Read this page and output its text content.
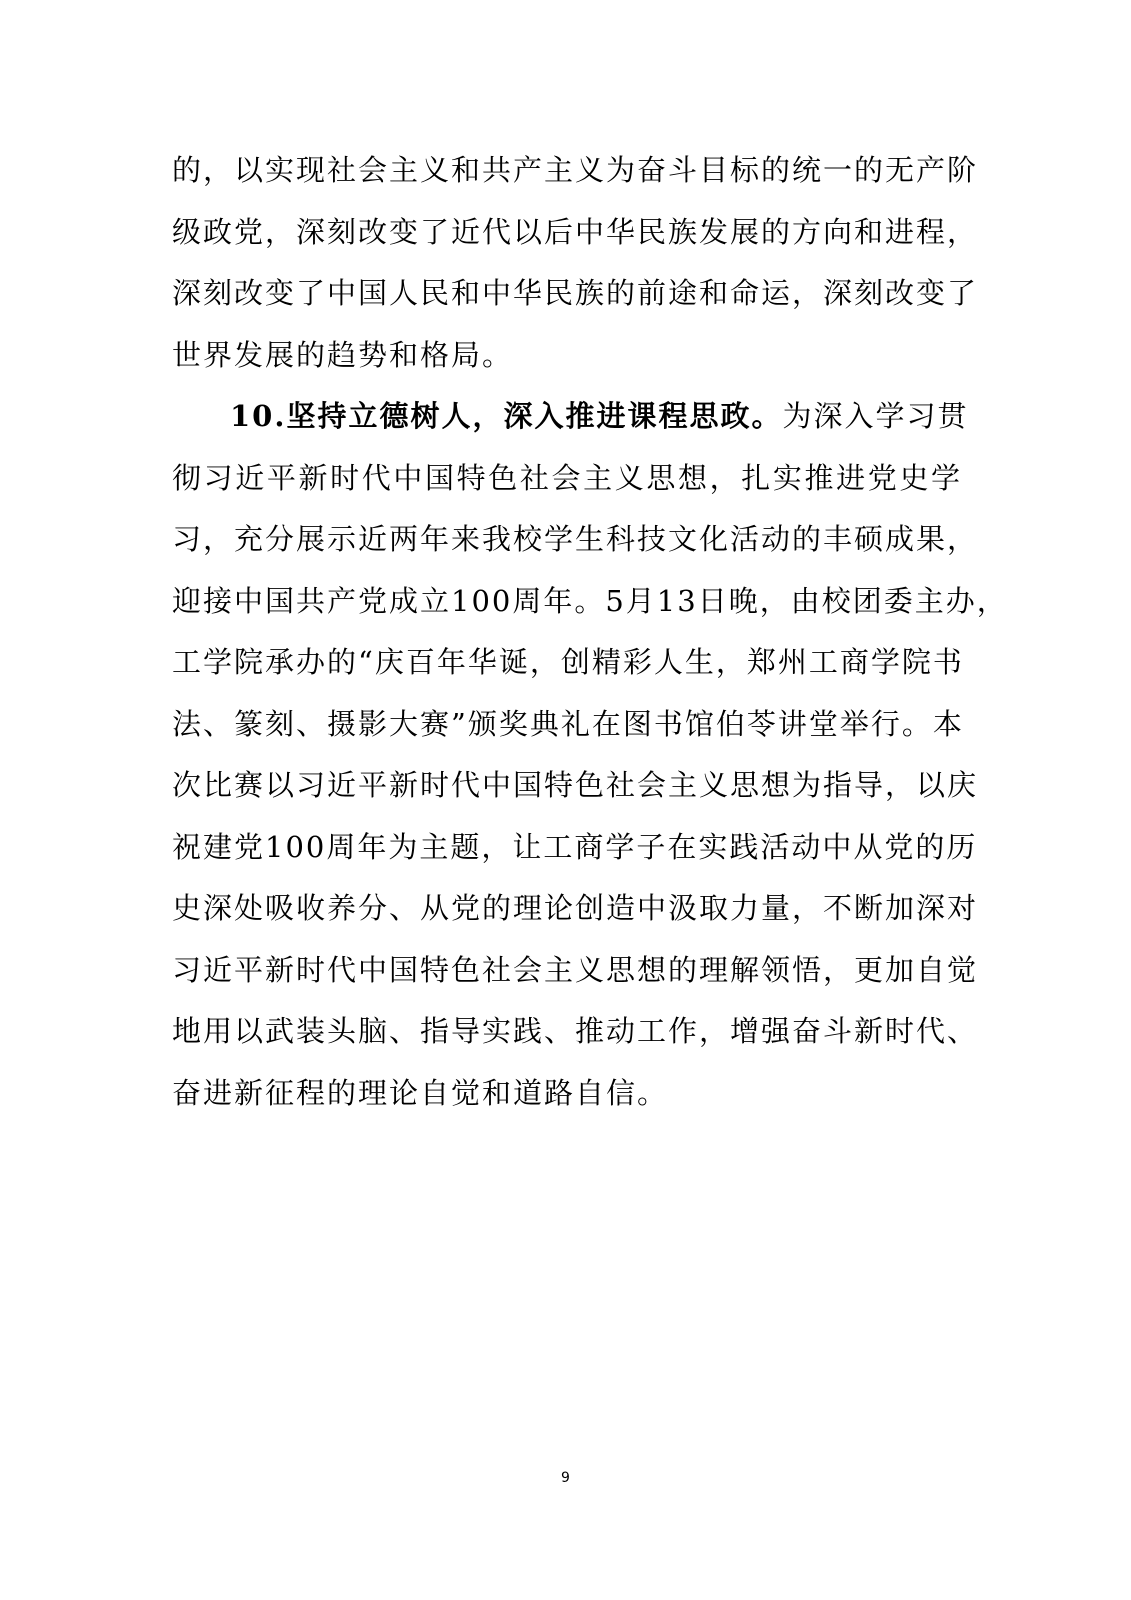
的，以实现社会主义和共产主义为奋斗目标的统一的无产阶
级政党，深刻改变了近代以后中华民族发展的方向和进程，
深刻改变了中国人民和中华民族的前途和命运，深刻改变了
世界发展的趋势和格局。
10.坚持立德树人，深入推进课程思政。为深入学习贯
彻习近平新时代中国特色社会主义思想，扎实推进党史学
习，充分展示近两年来我校学生科技文化活动的丰硕成果，
迎接中国共产党成立100周年。5月13日晚，由校团委主办，
工学院承办的“庆百年华诞，创精彩人生，郑州工商学院书
法、篆刻、摄影大赛”颁奖典礼在图书馆伯苓讲堂举行。本
次比赛以习近平新时代中国特色社会主义思想为指导，以庆
祝建党100周年为主题，让工商学子在实践活动中从党的历
史深处吸收养分、从党的理论创造中汲取力量，不断加深对
习近平新时代中国特色社会主义思想的理解领悟，更加自觉
地用以武装头脑、指导实践、推动工作，增强奋斗新时代、
奋进新征程的理论自觉和道路自信。
9
